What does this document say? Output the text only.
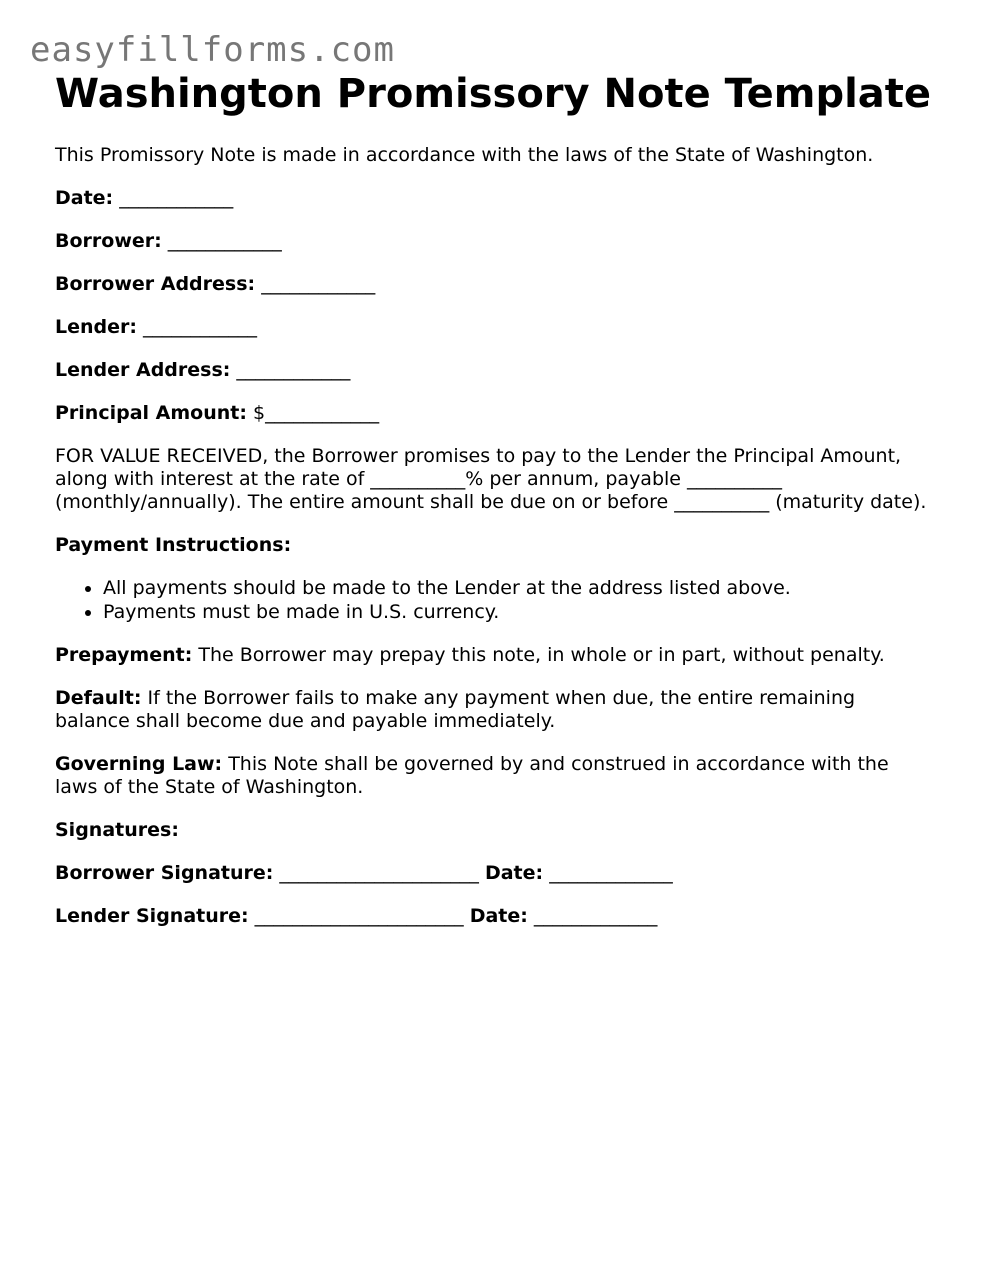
easyfillforms.com
Washington Promissory Note Template

This Promissory Note is made in accordance with the laws of the State of Washington.

Date: ____________

Borrower: ____________

Borrower Address: ____________

Lender: ____________

Lender Address: ____________

Principal Amount: $____________

FOR VALUE RECEIVED, the Borrower promises to pay to the Lender the Principal Amount, along with interest at the rate of __________% per annum, payable __________ (monthly/annually). The entire amount shall be due on or before __________ (maturity date).

Payment Instructions:

• All payments should be made to the Lender at the address listed above.
• Payments must be made in U.S. currency.

Prepayment: The Borrower may prepay this note, in whole or in part, without penalty.

Default: If the Borrower fails to make any payment when due, the entire remaining balance shall become due and payable immediately.

Governing Law: This Note shall be governed by and construed in accordance with the laws of the State of Washington.

Signatures:

Borrower Signature: _____________________ Date: _____________

Lender Signature: ______________________ Date: _____________
